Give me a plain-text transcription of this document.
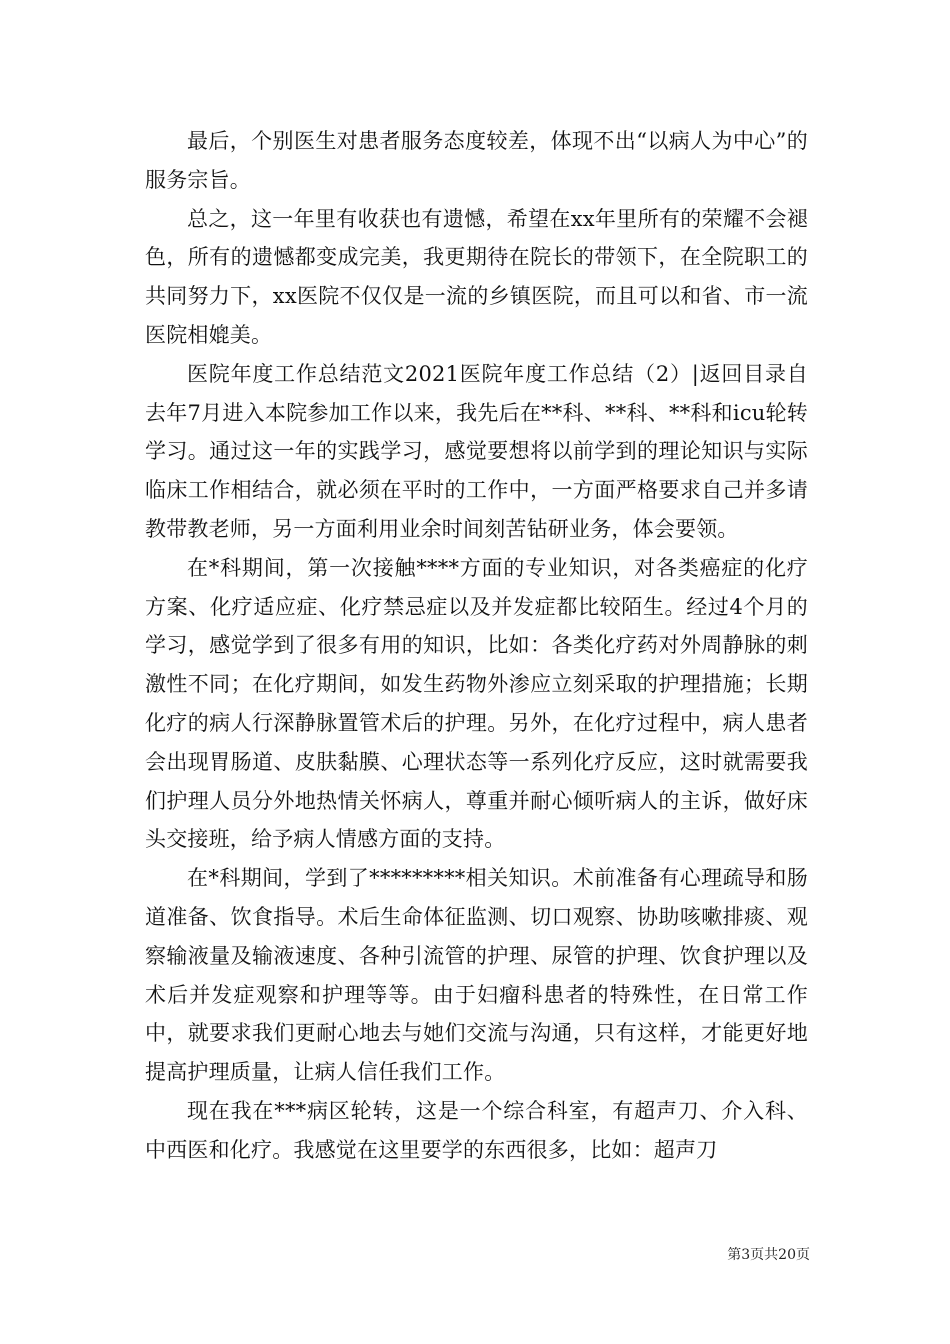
最后，个别医生对患者服务态度较差，体现不出“以病人为中心”的服务宗旨。

总之，这一年里有收获也有遗憾，希望在xx年里所有的荣耀不会褪色，所有的遗憾都变成完美，我更期待在院长的带领下，在全院职工的共同努力下，xx医院不仅仅是一流的乡镇医院，而且可以和省、市一流医院相媲美。

医院年度工作总结范文2021医院年度工作总结（2）|返回目录自去年7月进入本院参加工作以来，我先后在**科、**科、**科和icu轮转学习。通过这一年的实践学习，感觉要想将以前学到的理论知识与实际临床工作相结合，就必须在平时的工作中，一方面严格要求自己并多请教带教老师，另一方面利用业余时间刻苦钻研业务，体会要领。

在*科期间，第一次接触****方面的专业知识，对各类癌症的化疗方案、化疗适应症、化疗禁忌症以及并发症都比较陌生。经过4个月的学习，感觉学到了很多有用的知识，比如：各类化疗药对外周静脉的刺激性不同；在化疗期间，如发生药物外渗应立刻采取的护理措施；长期化疗的病人行深静脉置管术后的护理。另外，在化疗过程中，病人患者会出现胃肠道、皮肤黏膜、心理状态等一系列化疗反应，这时就需要我们护理人员分外地热情关怀病人，尊重并耐心倾听病人的主诉，做好床头交接班，给予病人情感方面的支持。

在*科期间，学到了*********相关知识。术前准备有心理疏导和肠道准备、饮食指导。术后生命体征监测、切口观察、协助咳嗽排痰、观察输液量及输液速度、各种引流管的护理、尿管的护理、饮食护理以及术后并发症观察和护理等等。由于妇瘤科患者的特殊性，在日常工作中，就要求我们更耐心地去与她们交流与沟通，只有这样，才能更好地提高护理质量，让病人信任我们工作。

现在我在***病区轮转，这是一个综合科室，有超声刀、介入科、中西医和化疗。我感觉在这里要学的东西很多，比如：超声刀

第3页共20页
